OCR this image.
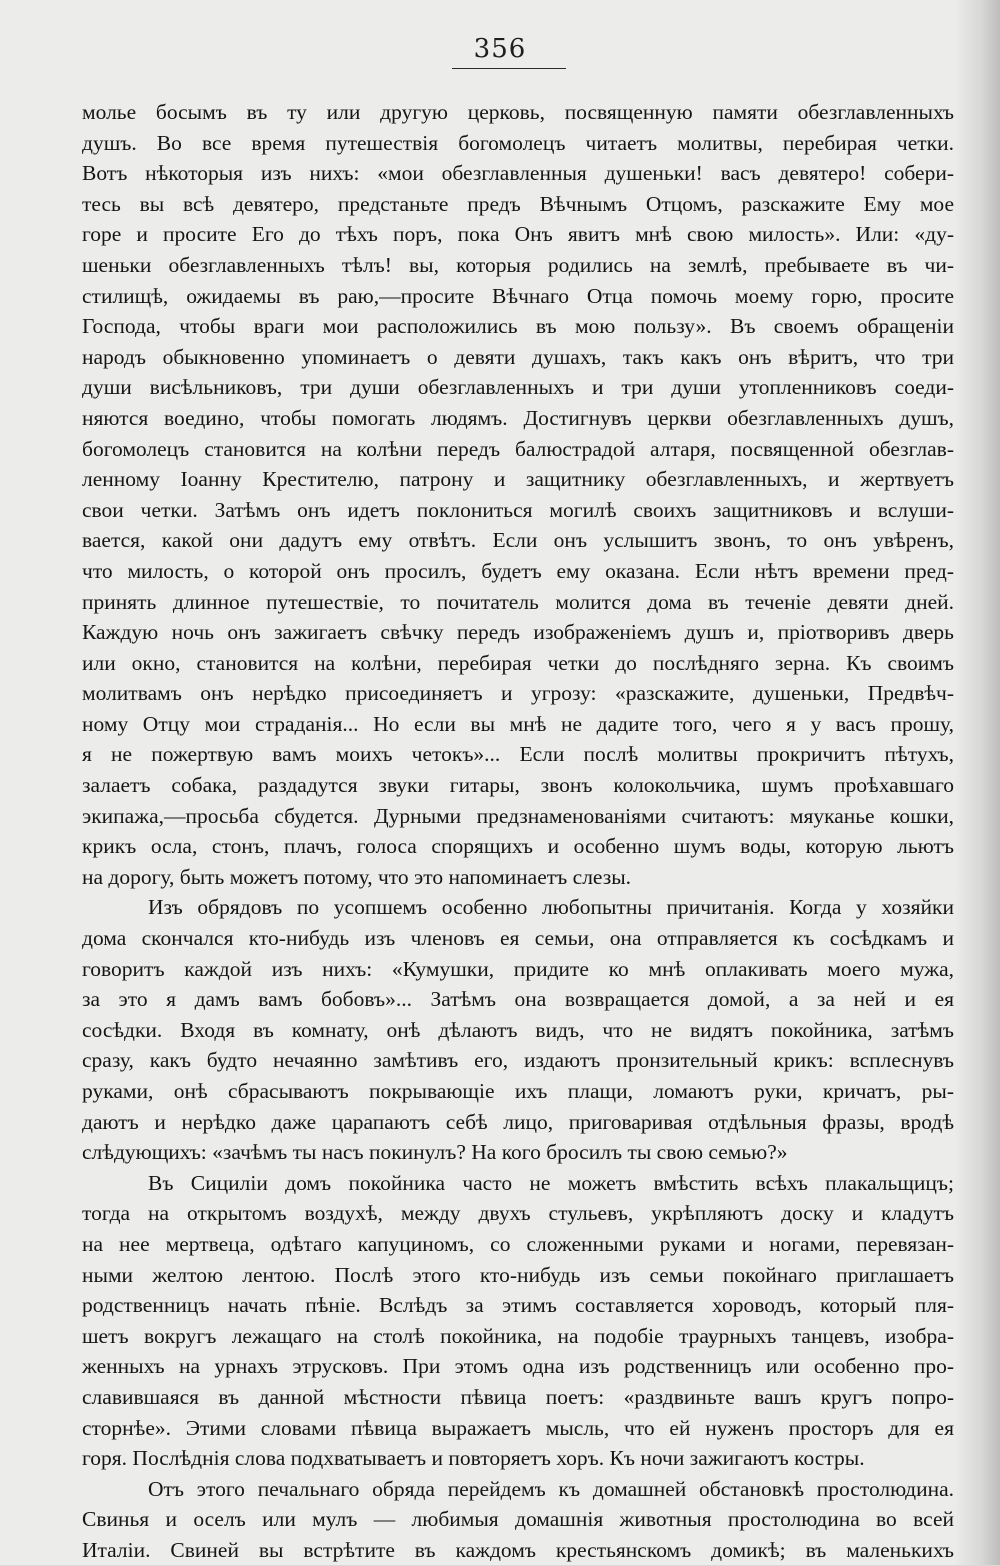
356
молье босымъ въ ту или другую церковь, посвященную памяти обезглавленныхъ
душъ. Во все время путешествія богомолецъ читаетъ молитвы, перебирая четки.
Вотъ нѣкоторыя изъ нихъ: «мои обезглавленныя душеньки! васъ девятеро! собери-
тесь вы всѣ девятеро, предстаньте предъ Вѣчнымъ Отцомъ, разскажите Ему мое
горе и просите Его до тѣхъ поръ, пока Онъ явитъ мнѣ свою милость». Или: «ду-
шеньки обезглавленныхъ тѣлъ! вы, которыя родились на землѣ, пребываете въ чи-
стилищѣ, ожидаемы въ раю,—просите Вѣчнаго Отца помочь моему горю, просите
Господа, чтобы враги мои расположились въ мою пользу». Въ своемъ обращеніи
народъ обыкновенно упоминаетъ о девяти душахъ, такъ какъ онъ вѣритъ, что три
души висѣльниковъ, три души обезглавленныхъ и три души утопленниковъ соеди-
няются воедино, чтобы помогать людямъ. Достигнувъ церкви обезглавленныхъ душъ,
богомолецъ становится на колѣни передъ балюстрадой алтаря, посвященной обезглав-
ленному Іоанну Крестителю, патрону и защитнику обезглавленныхъ, и жертвуетъ
свои четки. Затѣмъ онъ идетъ поклониться могилѣ своихъ защитниковъ и вслуши-
вается, какой они дадутъ ему отвѣтъ. Если онъ услышитъ звонъ, то онъ увѣренъ,
что милость, о которой онъ просилъ, будетъ ему оказана. Если нѣтъ времени пред-
принять длинное путешествіе, то почитатель молится дома въ теченіе девяти дней.
Каждую ночь онъ зажигаетъ свѣчку передъ изображеніемъ душъ и, пріотворивъ дверь
или окно, становится на колѣни, перебирая четки до послѣдняго зерна. Къ своимъ
молитвамъ онъ нерѣдко присоединяетъ и угрозу: «разскажите, душеньки, Предвѣч-
ному Отцу мои страданія... Но если вы мнѣ не дадите того, чего я у васъ прошу,
я не пожертвую вамъ моихъ четокъ»... Если послѣ молитвы прокричитъ пѣтухъ,
залаетъ собака, раздадутся звуки гитары, звонъ колокольчика, шумъ проѣхавшаго
экипажа,—просьба сбудется. Дурными предзнаменованіями считаютъ: мяуканье кошки,
крикъ осла, стонъ, плачъ, голоса спорящихъ и особенно шумъ воды, которую льютъ
на дорогу, быть можетъ потому, что это напоминаетъ слезы.
Изъ обрядовъ по усопшемъ особенно любопытны причитанія. Когда у хозяйки
дома скончался кто-нибудь изъ членовъ ея семьи, она отправляется къ сосѣдкамъ и
говоритъ каждой изъ нихъ: «Кумушки, придите ко мнѣ оплакивать моего мужа,
за это я дамъ вамъ бобовъ»... Затѣмъ она возвращается домой, а за ней и ея
сосѣдки. Входя въ комнату, онѣ дѣлаютъ видъ, что не видятъ покойника, затѣмъ
сразу, какъ будто нечаянно замѣтивъ его, издаютъ пронзительный крикъ: всплеснувъ
руками, онѣ сбрасываютъ покрывающіе ихъ плащи, ломаютъ руки, кричатъ, ры-
даютъ и нерѣдко даже царапаютъ себѣ лицо, приговаривая отдѣльныя фразы, вродѣ
слѣдующихъ: «зачѣмъ ты насъ покинулъ? На кого бросилъ ты свою семью?»
Въ Сициліи домъ покойника часто не можетъ вмѣстить всѣхъ плакальщицъ;
тогда на открытомъ воздухѣ, между двухъ стульевъ, укрѣпляютъ доску и кладутъ
на нее мертвеца, одѣтаго капуциномъ, со сложенными руками и ногами, перевязан-
ными желтою лентою. Послѣ этого кто-нибудь изъ семьи покойнаго приглашаетъ
родственницъ начать пѣніе. Вслѣдъ за этимъ составляется хороводъ, который пля-
шетъ вокругъ лежащаго на столѣ покойника, на подобіе траурныхъ танцевъ, изобра-
женныхъ на урнахъ этрусковъ. При этомъ одна изъ родственницъ или особенно про-
славившаяся въ данной мѣстности пѣвица поетъ: «раздвиньте вашъ кругъ попро-
сторнѣе». Этими словами пѣвица выражаетъ мысль, что ей нуженъ просторъ для ея
горя. Послѣднія слова подхватываетъ и повторяетъ хоръ. Къ ночи зажигаютъ костры.
Отъ этого печальнаго обряда перейдемъ къ домашней обстановкѣ простолюдина.
Свинья и оселъ или мулъ — любимыя домашнія животныя простолюдина во всей
Италіи. Свиней вы встрѣтите въ каждомъ крестьянскомъ домикѣ; въ маленькихъ
